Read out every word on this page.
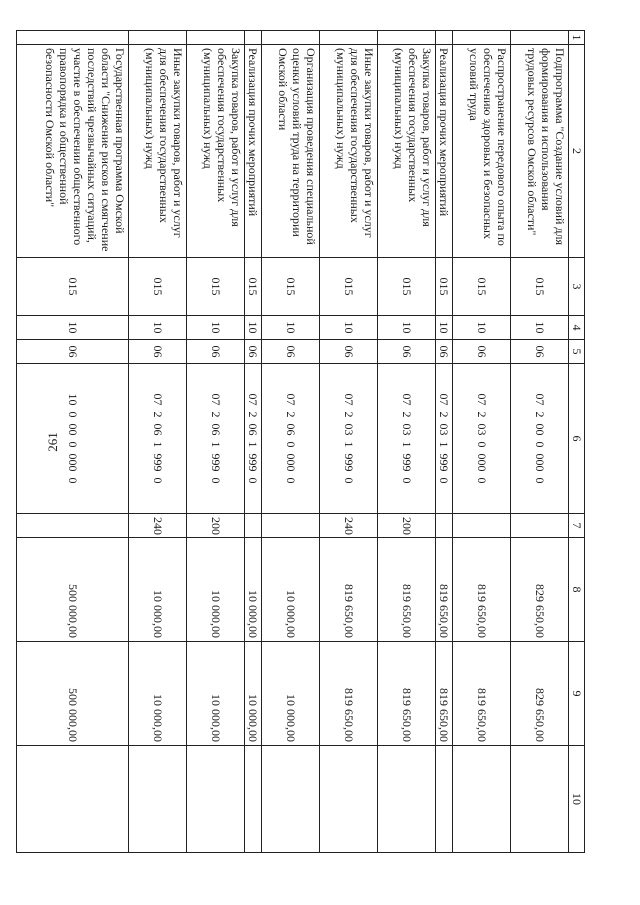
261
1	2	3	4	5	6	7	8	9	10
	Подпрограмма "Создание условий для формирования и использования трудовых ресурсов Омской области"	015	10	06	07 2 00 0 000 0		829 650,00	829 650,00	
	Распространение передового опыта по обеспечению здоровых и безопасных условий труда	015	10	06	07 2 03 0 000 0		819 650,00	819 650,00	
	Реализация прочих мероприятий	015	10	06	07 2 03 1 999 0		819 650,00	819 650,00	
	Закупка товаров, работ и услуг для обеспечения государственных (муниципальных) нужд	015	10	06	07 2 03 1 999 0	200	819 650,00	819 650,00	
	Иные закупки товаров, работ и услуг для обеспечения государственных (муниципальных) нужд	015	10	06	07 2 03 1 999 0	240	819 650,00	819 650,00	
	Организация проведения специальной оценки условий труда на территории Омской области	015	10	06	07 2 06 0 000 0		10 000,00	10 000,00	
	Реализация прочих мероприятий	015	10	06	07 2 06 1 999 0		10 000,00	10 000,00	
	Закупка товаров, работ и услуг для обеспечения государственных (муниципальных) нужд	015	10	06	07 2 06 1 999 0	200	10 000,00	10 000,00	
	Иные закупки товаров, работ и услуг для обеспечения государственных (муниципальных) нужд	015	10	06	07 2 06 1 999 0	240	10 000,00	10 000,00	
	Государственная программа Омской области "Снижение рисков и смягчение последствий чрезвычайных ситуаций, участие в обеспечении общественного правопорядка и общественной безопасности Омской области"	015	10	06	10 0 00 0 000 0		500 000,00	500 000,00	
